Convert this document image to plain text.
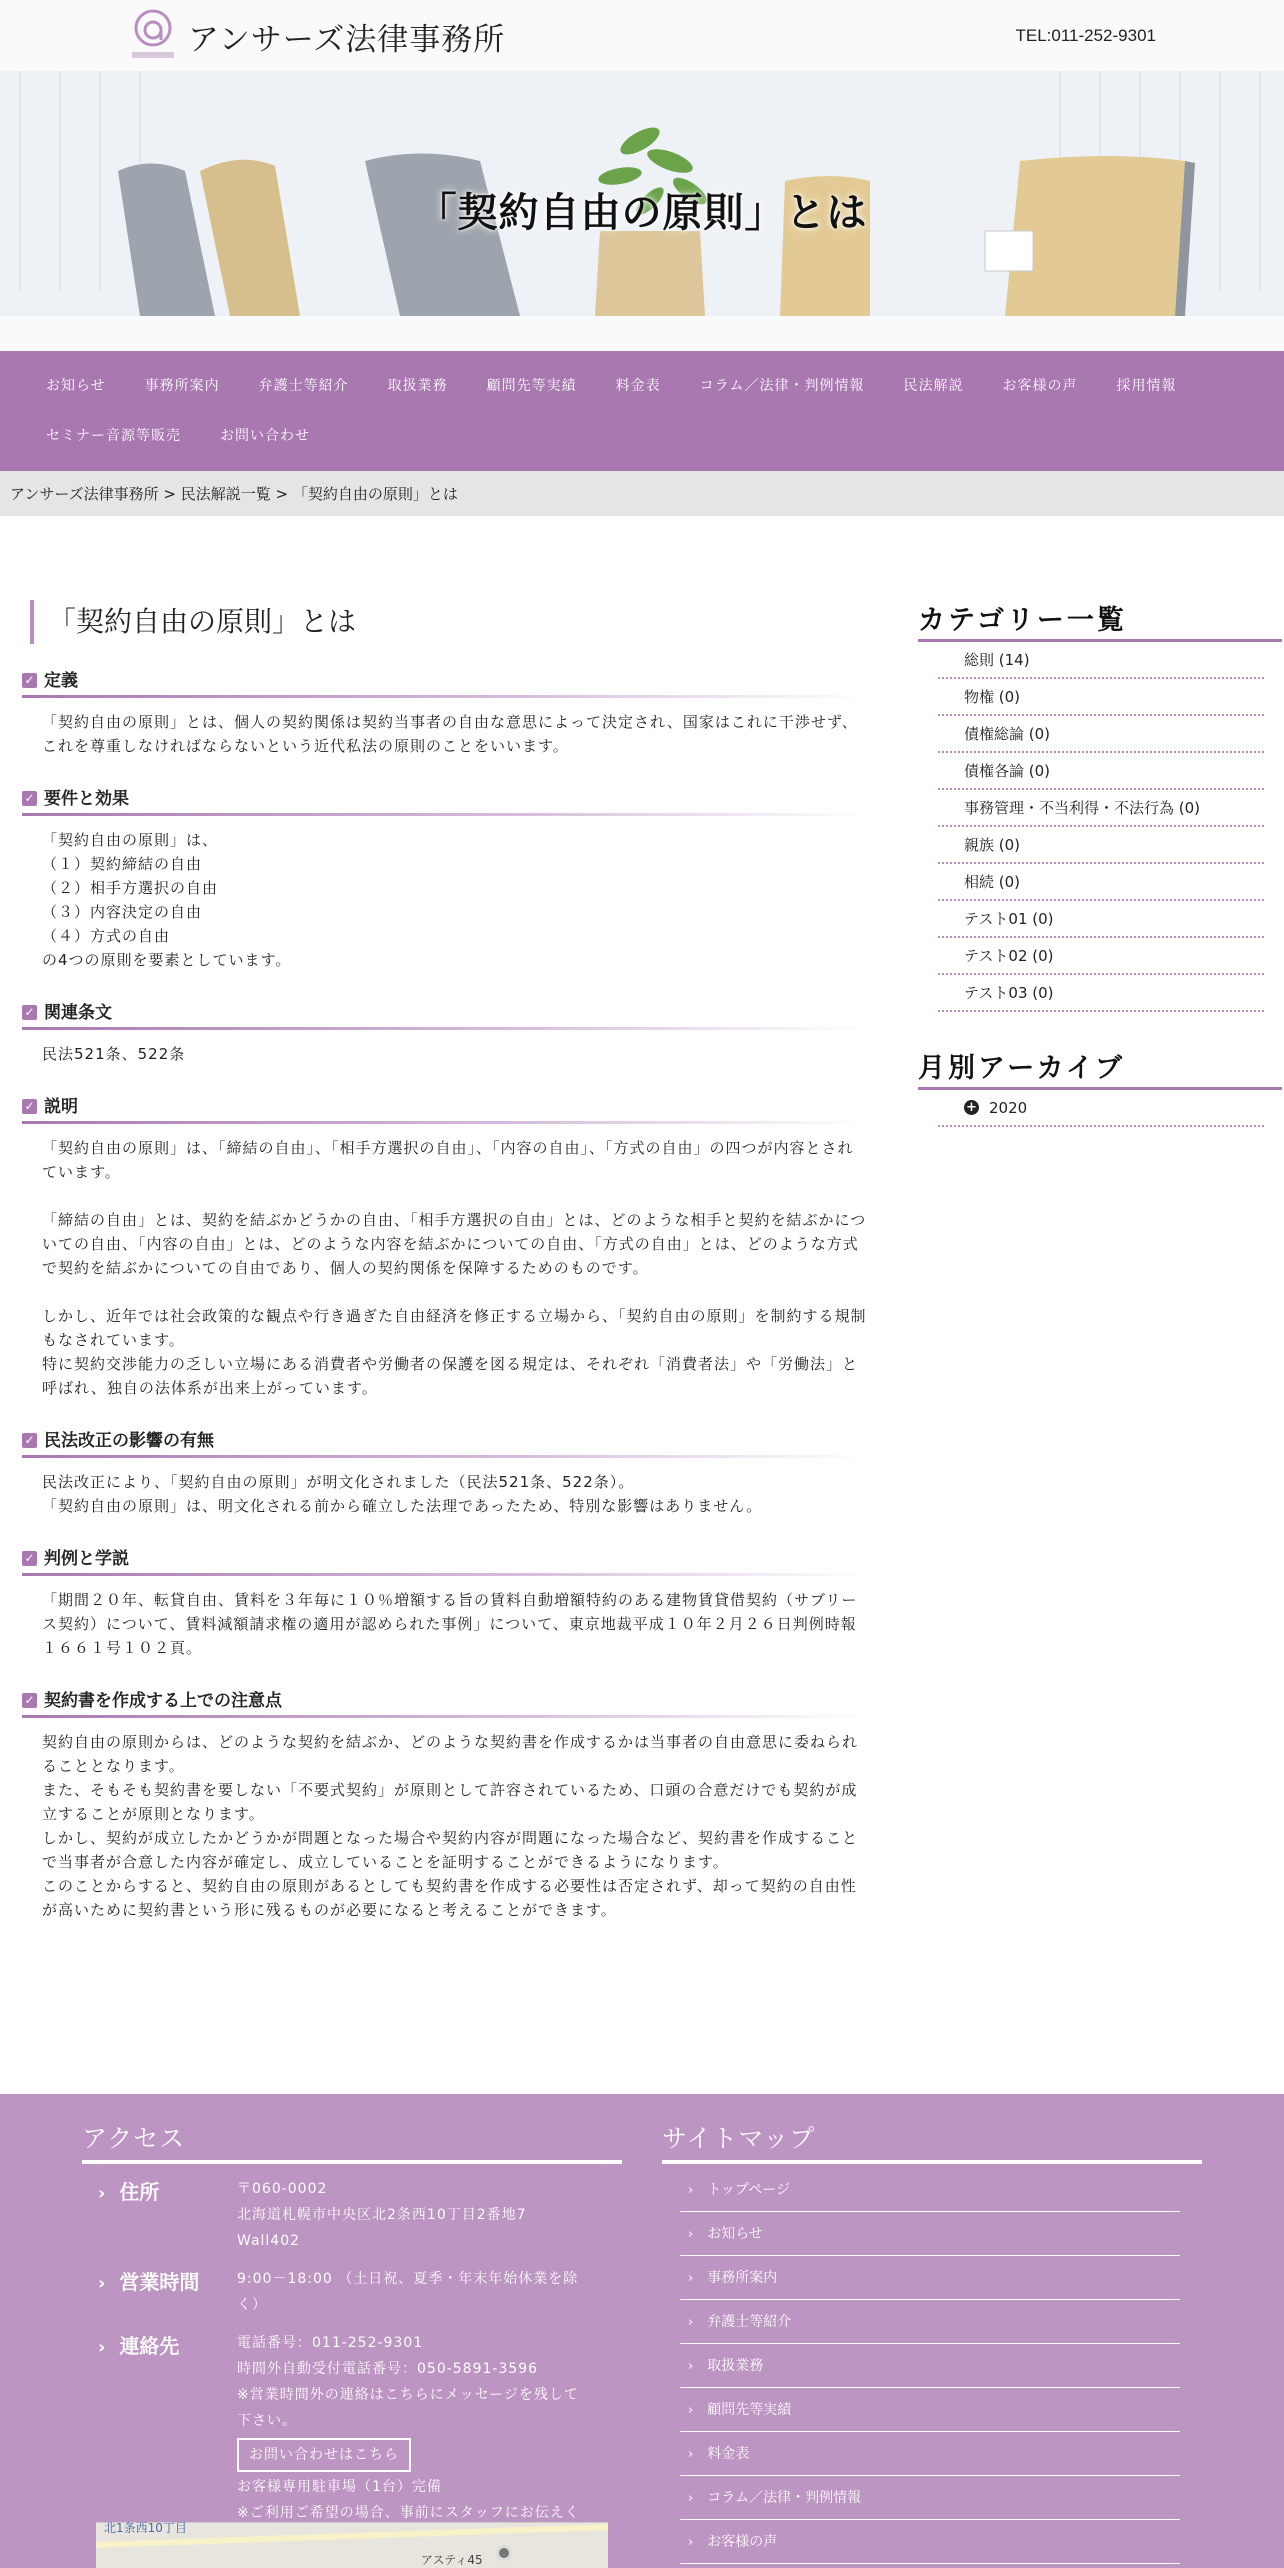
アンサーズ法律事務所	TEL:011-252-9301
「契約自由の原則」とは
お知らせ	事務所案内	弁護士等紹介	取扱業務	顧問先等実績	料金表	コラム／法律・判例情報	民法解説	お客様の声	採用情報
セミナー音源等販売	お問い合わせ
アンサーズ法律事務所 > 民法解説一覧 > 「契約自由の原則」とは
「契約自由の原則」とは
✓ 定義

「契約自由の原則」とは、個人の契約関係は契約当事者の自由な意思によって決定され、国家はこれに干渉せず、これを尊重しなければならないという近代私法の原則のことをいいます。

✓ 要件と効果

「契約自由の原則」は、

（１）契約締結の自由

（２）相手方選択の自由

（３）内容決定の自由

（４）方式の自由

の4つの原則を要素としています。

✓ 関連条文

民法521条、522条

✓ 説明

「契約自由の原則」は、「締結の自由」、「相手方選択の自由」、「内容の自由」、「方式の自由」の四つが内容とされています。

「締結の自由」とは、契約を結ぶかどうかの自由、「相手方選択の自由」とは、どのような相手と契約を結ぶかについての自由、「内容の自由」とは、どのような内容を結ぶかについての自由、「方式の自由」とは、どのような方式で契約を結ぶかについての自由であり、個人の契約関係を保障するためのものです。

しかし、近年では社会政策的な観点や行き過ぎた自由経済を修正する立場から、「契約自由の原則」を制約する規制もなされています。

特に契約交渉能力の乏しい立場にある消費者や労働者の保護を図る規定は、それぞれ「消費者法」や「労働法」と呼ばれ、独自の法体系が出来上がっています。

✓ 民法改正の影響の有無

民法改正により、「契約自由の原則」が明文化されました（民法521条、522条）。

「契約自由の原則」は、明文化される前から確立した法理であったため、特別な影響はありません。

✓ 判例と学説

「期間２０年、転貸自由、賃料を３年毎に１０％増額する旨の賃料自動増額特約のある建物賃貸借契約（サブリース契約）について、賃料減額請求権の適用が認められた事例」について、東京地裁平成１０年２月２６日判例時報１６６１号１０２頁。

✓ 契約書を作成する上での注意点

契約自由の原則からは、どのような契約を結ぶか、どのような契約書を作成するかは当事者の自由意思に委ねられることとなります。

また、そもそも契約書を要しない「不要式契約」が原則として許容されているため、口頭の合意だけでも契約が成立することが原則となります。

しかし、契約が成立したかどうかが問題となった場合や契約内容が問題になった場合など、契約書を作成することで当事者が合意した内容が確定し、成立していることを証明することができるようになります。

このことからすると、契約自由の原則があるとしても契約書を作成する必要性は否定されず、却って契約の自由性が高いために契約書という形に残るものが必要になると考えることができます。

カテゴリー一覧
総則 (14)
物権 (0)
債権総論 (0)
債権各論 (0)
事務管理・不当利得・不法行為 (0)
親族 (0)
相続 (0)
テスト01 (0)
テスト02 (0)
テスト03 (0)
月別アーカイブ
+ 2020
アクセス
› 住所	〒060-0002
北海道札幌市中央区北2条西10丁目2番地7
Wall402
› 営業時間	9:00－18:00 （土日祝、夏季・年末年始休業を除
く）
› 連絡先	電話番号：011-252-9301
時間外自動受付電話番号：050-5891-3596
※営業時間外の連絡はこちらにメッセージを残して
下さい。
お問い合わせはこちら
お客様専用駐車場（1台）完備
※ご利用ご希望の場合、事前にスタッフにお伝えく
北1条西10丁目
アスティ45
サイトマップ
› トップページ
› お知らせ
› 事務所案内
› 弁護士等紹介
› 取扱業務
› 顧問先等実績
› 料金表
› コラム／法律・判例情報
› お客様の声
